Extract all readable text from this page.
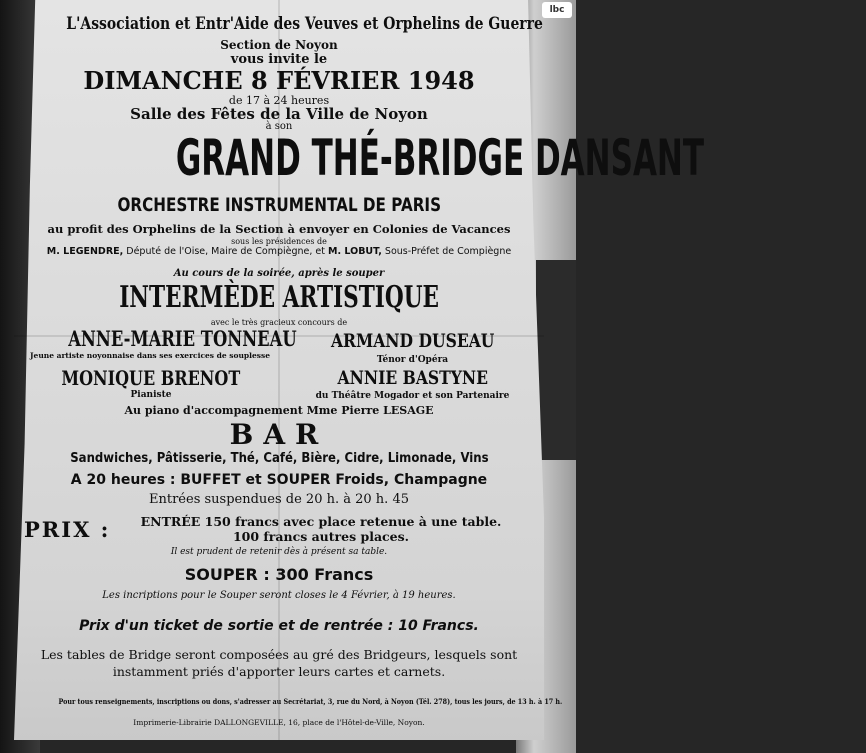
lbc
L'Association et Entr'Aide des Veuves et Orphelins de Guerre
Section de Noyon
vous invite le
DIMANCHE 8 FÉVRIER 1948
de 17 à 24 heures
Salle des Fêtes de la Ville de Noyon
à son
GRAND THÉ-BRIDGE DANSANT
ORCHESTRE INSTRUMENTAL DE PARIS
au profit des Orphelins de la Section à envoyer en Colonies de Vacances
sous les présidences de
M. LEGENDRE, Député de l'Oise, Maire de Compiègne, et M. LOBUT, Sous-Préfet de Compiègne
Au cours de la soirée, après le souper
INTERMÈDE ARTISTIQUE
avec le très gracieux concours de
ANNE-MARIE TONNEAU
Jeune artiste noyonnaise dans ses exercices de souplesse
ARMAND DUSEAU
Ténor d'Opéra
MONIQUE BRENOT
Pianiste
ANNIE BASTYNE
du Théâtre Mogador et son Partenaire
Au piano d'accompagnement Mme Pierre LESAGE
BAR
Sandwiches, Pâtisserie, Thé, Café, Bière, Cidre, Limonade, Vins
A 20 heures : BUFFET et SOUPER Froids, Champagne
Entrées suspendues de 20 h. à 20 h. 45
PRIX :	ENTRÉE 150 francs avec place retenue à une table.
100 francs autres places.
Il est prudent de retenir dès à présent sa table.
SOUPER : 300 Francs
Les incriptions pour le Souper seront closes le 4 Février, à 19 heures.
Prix d'un ticket de sortie et de rentrée : 10 Francs.
Les tables de Bridge seront composées au gré des Bridgeurs, lesquels sont
instamment priés d'apporter leurs cartes et carnets.
Pour tous renseignements, inscriptions ou dons, s'adresser au Secrétariat, 3, rue du Nord, à Noyon (Tél. 278), tous les jours, de 13 h. à 17 h.
Imprimerie-Librairie DALLONGEVILLE, 16, place de l'Hôtel-de-Ville, Noyon.
